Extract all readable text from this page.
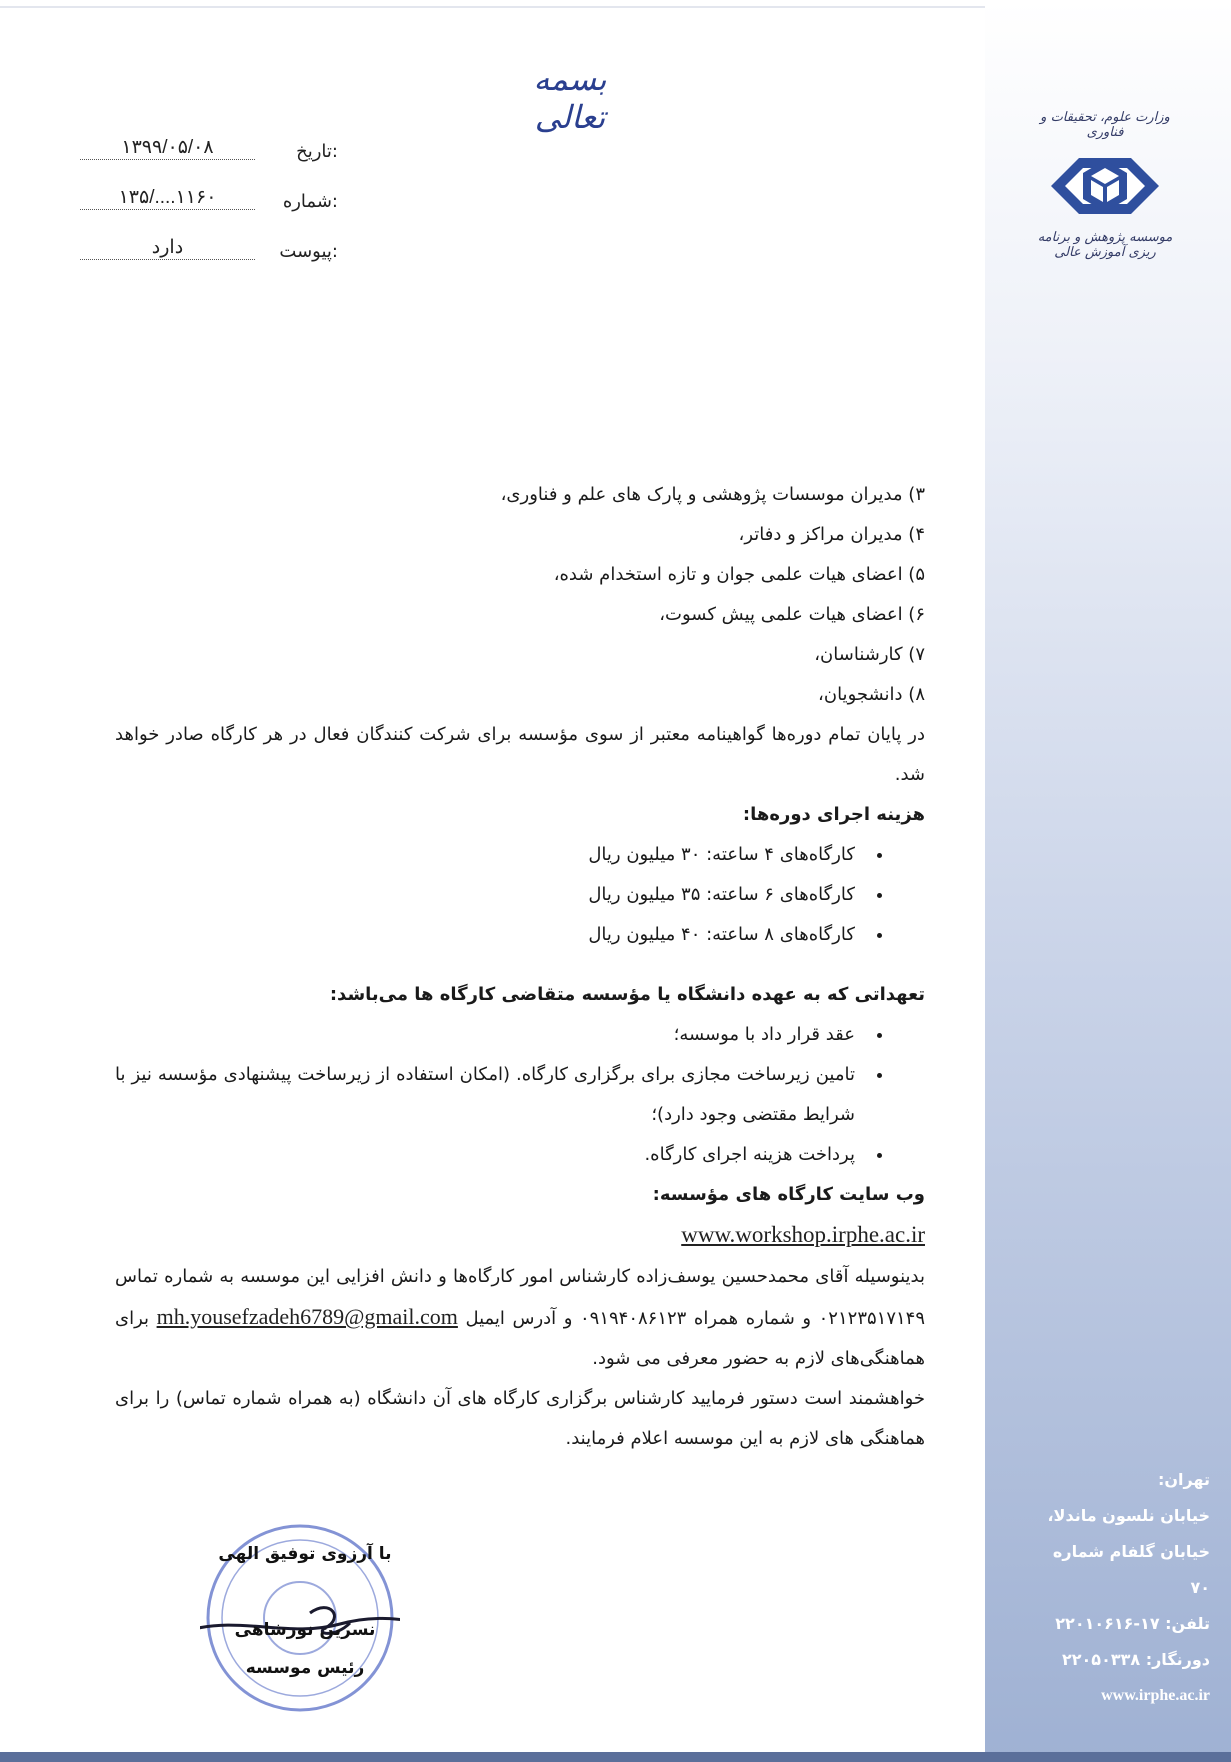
بسمه تعالی	وزارت علوم، تحقیقات و فناوری
موسسه پژوهش و برنامه ریزی آموزش عالی
۱۳۹۹/۰۵/۰۸	تاریخ:
۱۳۵/....۱۱۶۰	شماره:
دارد	پیوست:

۳) مدیران موسسات پژوهشی و پارک های علم و فناوری،

۴) مدیران مراکز و دفاتر،

۵) اعضای هیات علمی جوان و تازه استخدام شده،

۶) اعضای هیات علمی پیش کسوت،

۷) کارشناسان،

۸) دانشجویان،

در پایان تمام دوره‌ها گواهینامه معتبر از سوی مؤسسه برای شرکت کنندگان فعال در هر کارگاه صادر خواهد شد.

هزینه اجرای دوره‌ها:

• کارگاه‌های ۴ ساعته: ۳۰ میلیون ریال
• کارگاه‌های ۶ ساعته: ۳۵ میلیون ریال
• کارگاه‌های ۸ ساعته: ۴۰ میلیون ریال

تعهداتی که به عهده دانشگاه یا مؤسسه متقاضی کارگاه ها می‌باشد:

• عقد قرار داد با موسسه؛
• تامین زیرساخت مجازی برای برگزاری کارگاه. (امکان استفاده از زیرساخت پیشنهادی مؤسسه نیز با شرایط مقتضی وجود دارد)؛
• پرداخت هزینه اجرای کارگاه.

وب سایت کارگاه های مؤسسه:

www.workshop.irphe.ac.ir

بدینوسیله آقای محمدحسین یوسف‌زاده کارشناس امور کارگاه‌ها و دانش افزایی این موسسه به شماره تماس ۰۲۱۲۳۵۱۷۱۴۹ و شماره همراه ۰۹۱۹۴۰۸۶۱۲۳ و آدرس ایمیل mh.yousefzadeh6789@gmail.com برای هماهنگی‌های لازم به حضور معرفی می شود.

خواهشمند است دستور فرمایید کارشناس برگزاری کارگاه های آن دانشگاه (به همراه شماره تماس) را برای هماهنگی های لازم به این موسسه اعلام فرمایند.

با آرزوی توفیق الهی
نسرین نورشاهی
رئیس موسسه
تهران:
خیابان نلسون ماندلا،
خیابان گلفام شماره ۷۰
تلفن: ۱۷-۲۲۰۱۰۶۱۶
دورنگار: ۲۲۰۵۰۳۳۸
www.irphe.ac.ir
